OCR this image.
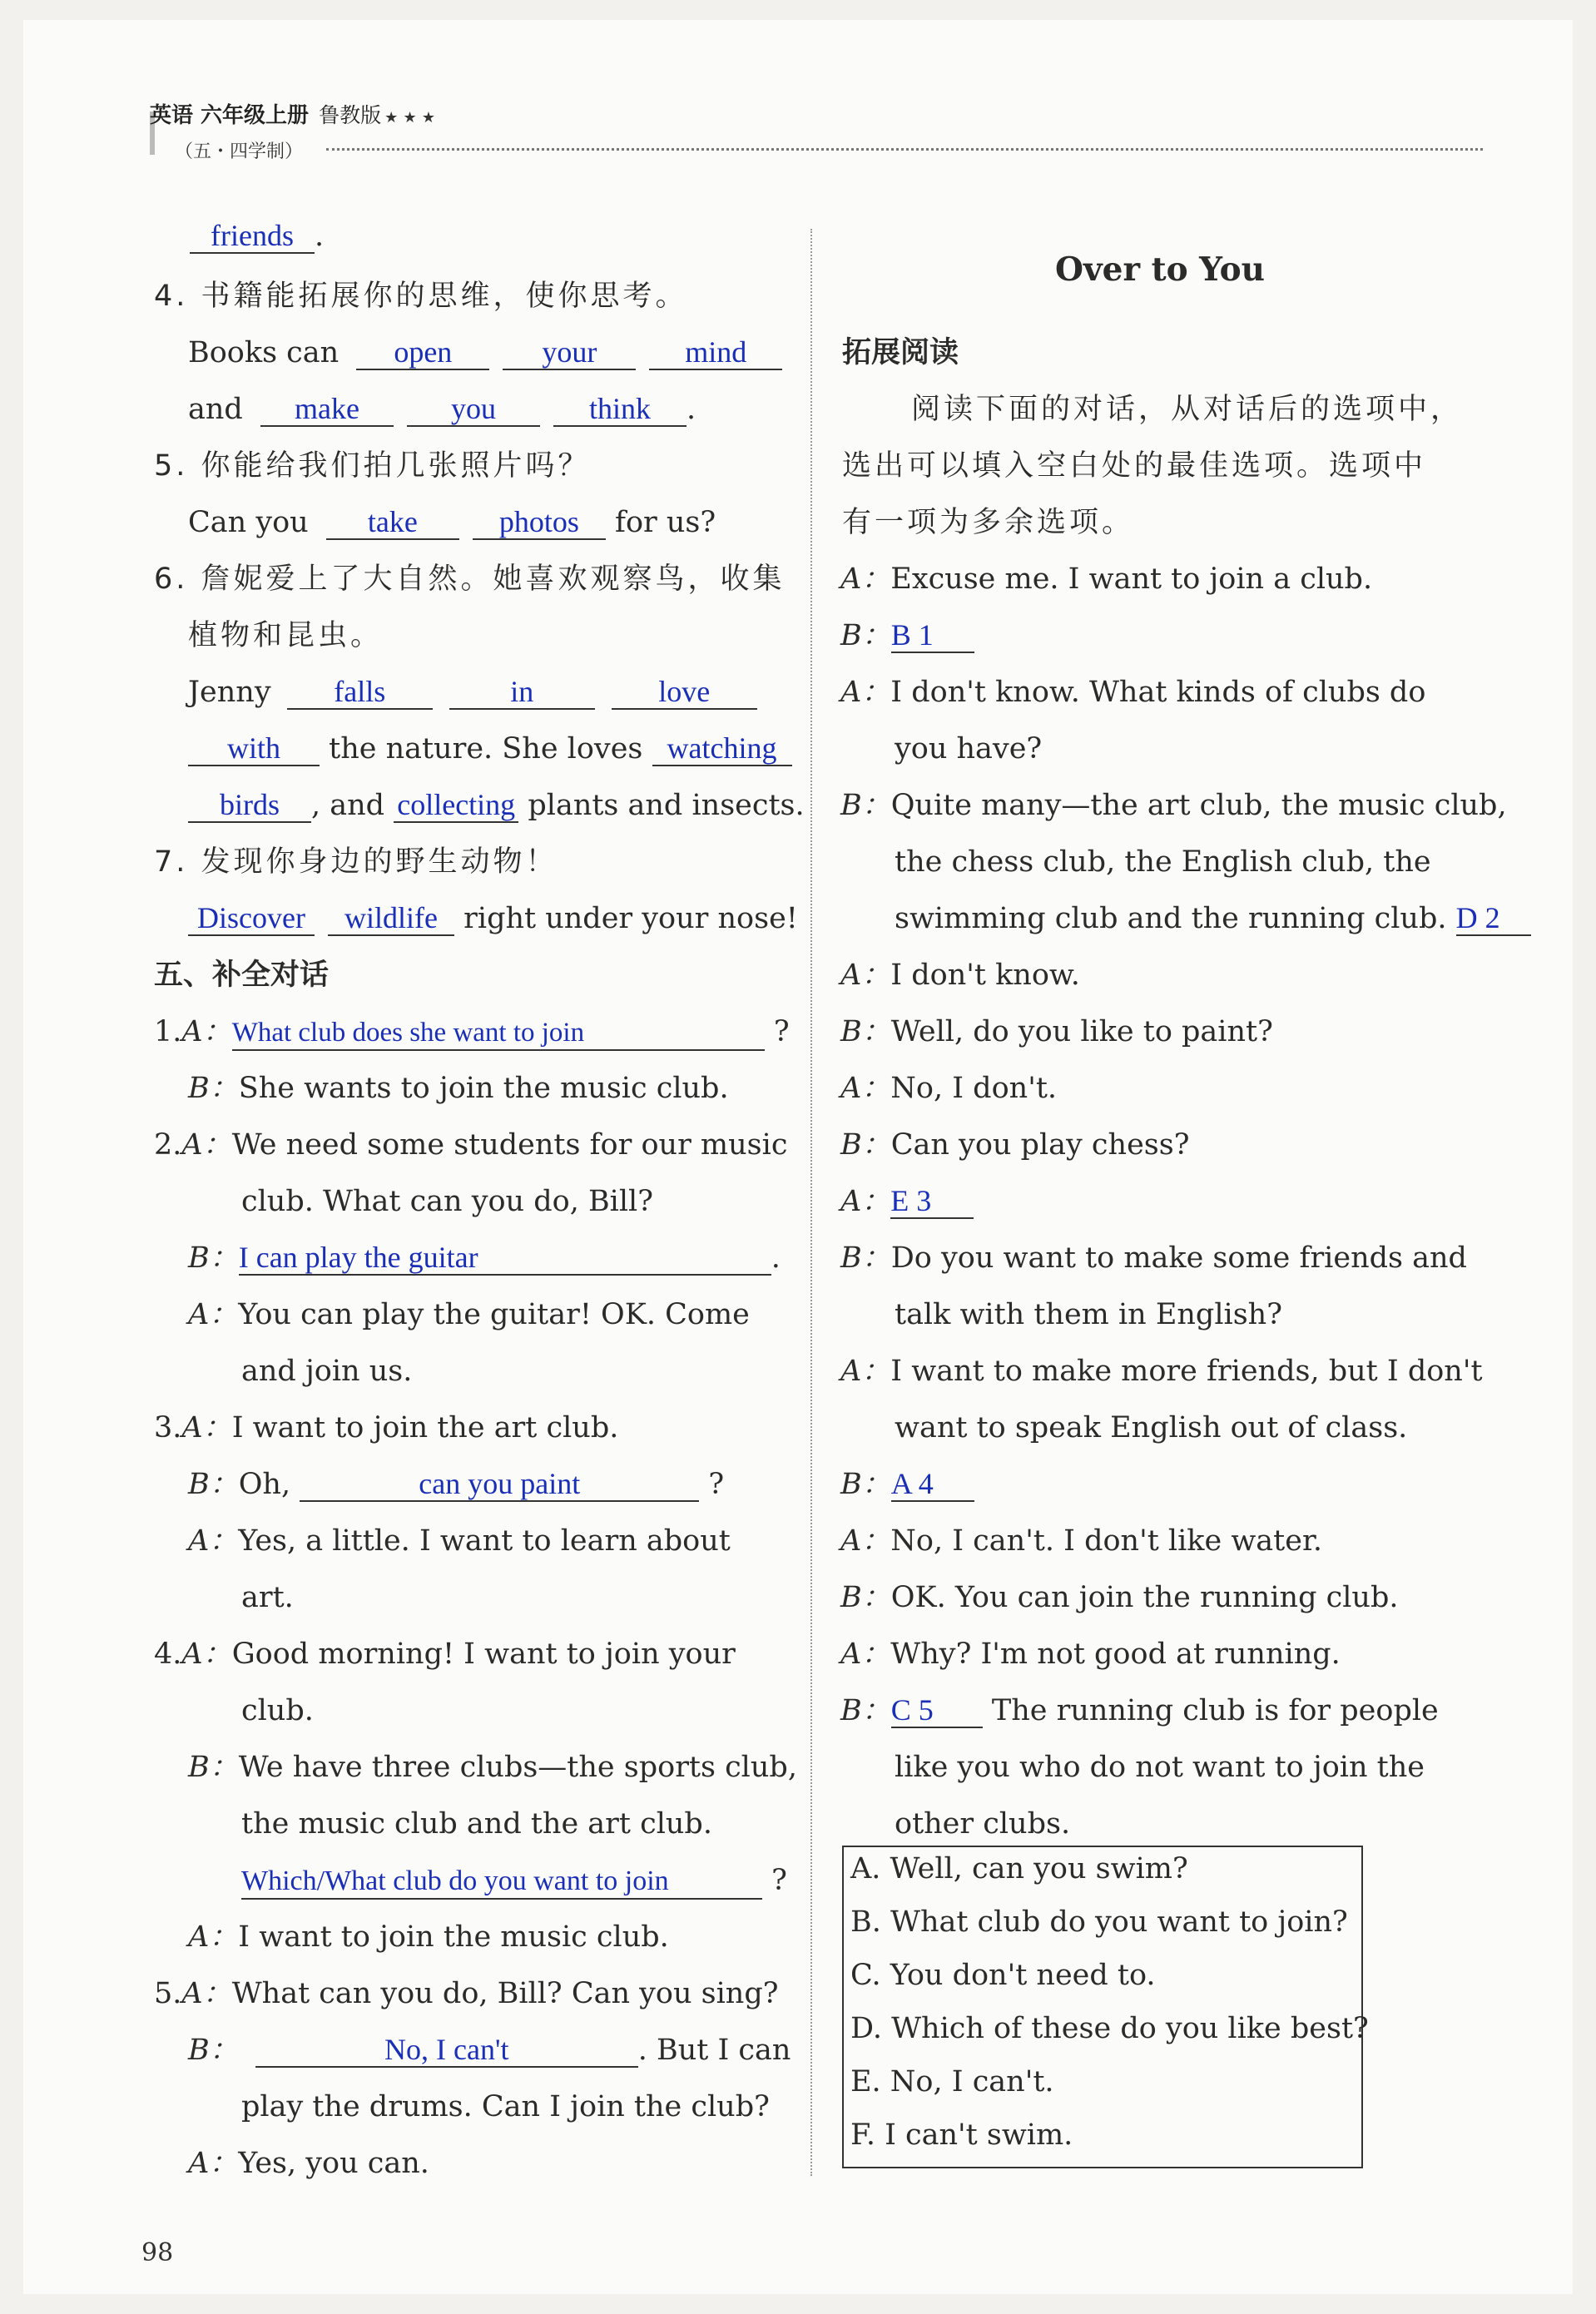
英语 六年级上册 鲁教版 ★ ★ ★
（五・四学制）
friends .
4. 书籍能拓展你的思维，使你思考。
Books can open	your	mind
and make	you	think .
5. 你能给我们拍几张照片吗？
Can you take	photos for us?
6. 詹妮爱上了大自然。她喜欢观察鸟，收集
植物和昆虫。
Jenny falls	in	love
with the nature. She loves watching
birds , and collecting plants and insects.
7. 发现你身边的野生动物！
Discover wildlife right under your nose!
五、补全对话
1.A：What club does she want to join	?
B：She wants to join the music club.
2.A：We need some students for our music
club. What can you do, Bill?
B：I can play the guitar	.
A：You can play the guitar! OK. Come
and join us.
3.A：I want to join the art club.
B：Oh,	can you paint	?
A：Yes, a little. I want to learn about
art.
4.A：Good morning! I want to join your
club.
B：We have three clubs—the sports club,
the music club and the art club.
Which/What club do you want to join	?
A：I want to join the music club.
5.A：What can you do, Bill? Can you sing?
B：	No, I can't	. But I can
play the drums. Can I join the club?
A：Yes, you can.
Over to You
拓展阅读
阅读下面的对话，从对话后的选项中，
选出可以填入空白处的最佳选项。选项中
有一项为多余选项。
A：Excuse me. I want to join a club.
B：B 1
A：I don't know. What kinds of clubs do
you have?
B：Quite many—the art club, the music club,
the chess club, the English club, the
swimming club and the running club. D 2
A：I don't know.
B：Well, do you like to paint?
A：No, I don't.
B：Can you play chess?
A：E 3
B：Do you want to make some friends and
talk with them in English?
A：I want to make more friends, but I don't
want to speak English out of class.
B：A 4
A：No, I can't. I don't like water.
B：OK. You can join the running club.
A：Why? I'm not good at running.
B：C 5 The running club is for people
like you who do not want to join the
other clubs.
A. Well, can you swim?
B. What club do you want to join?
C. You don't need to.
D. Which of these do you like best?
E. No, I can't.
F. I can't swim.
98
